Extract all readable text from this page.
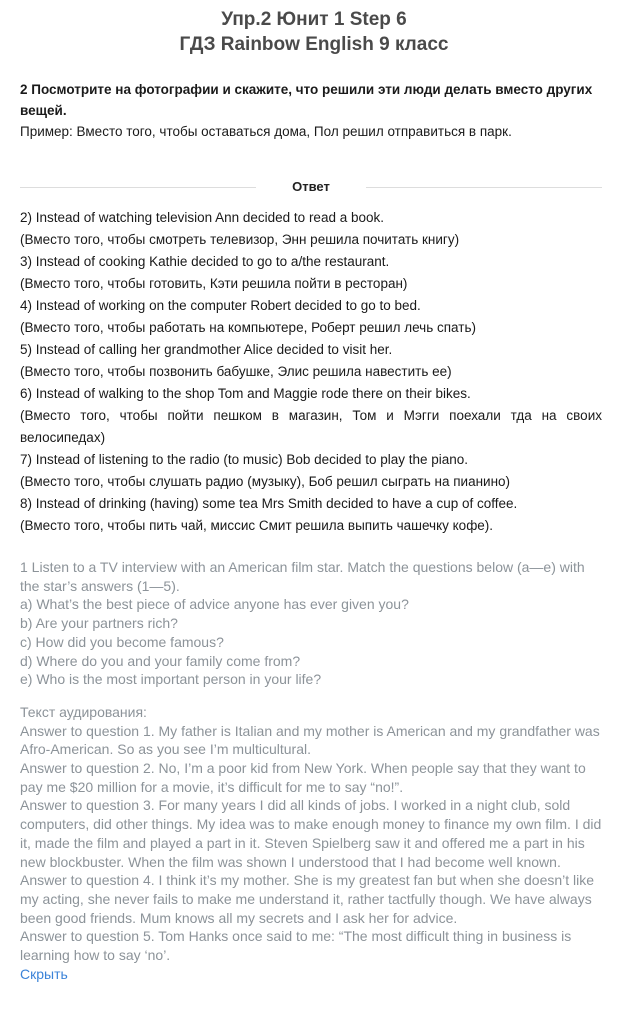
Упр.2 Юнит 1 Step 6
ГДЗ Rainbow English 9 класс
2 Посмотрите на фотографии и скажите, что решили эти люди делать вместо других вещей.
Пример: Вместо того, чтобы оставаться дома, Пол решил отправиться в парк.
Ответ

2) Instead of watching television Ann decided to read a book.

(Вместо того, чтобы смотреть телевизор, Энн решила почитать книгу)

3) Instead of cooking Kathie decided to go to a/the restaurant.

(Вместо того, чтобы готовить, Кэти решила пойти в ресторан)

4) Instead of working on the computer Robert decided to go to bed.

(Вместо того, чтобы работать на компьютере, Роберт решил лечь спать)

5) Instead of calling her grandmother Alice decided to visit her.

(Вместо того, чтобы позвонить бабушке, Элис решила навестить ее)

6) Instead of walking to the shop Tom and Maggie rode there on their bikes.

(Вместо того, чтобы пойти пешком в магазин, Том и Мэгги поехали тда на своих велосипедах)

7) Instead of listening to the radio (to music) Bob decided to play the piano.

(Вместо того, чтобы слушать радио (музыку), Боб решил сыграть на пианино)

8) Instead of drinking (having) some tea Mrs Smith decided to have a cup of coffee.

(Вместо того, чтобы пить чай, миссис Смит решила выпить чашечку кофе).

1 Listen to a TV interview with an American film star. Match the questions below (a—e) with the star’s answers (1—5).

a) What’s the best piece of advice anyone has ever given you?

b) Are your partners rich?

c) How did you become famous?

d) Where do you and your family come from?

e) Who is the most important person in your life?

Текст аудирования:

Answer to question 1. My father is Italian and my mother is American and my grandfather was Afro-American. So as you see I’m multicultural.

Answer to question 2. No, I’m a poor kid from New York. When people say that they want to pay me $20 million for a movie, it’s difficult for me to say “no!”.

Answer to question 3. For many years I did all kinds of jobs. I worked in a night club, sold computers, did other things. My idea was to make enough money to finance my own film. I did it, made the film and played a part in it. Steven Spielberg saw it and offered me a part in his new blockbuster. When the film was shown I understood that I had become well known.

Answer to question 4. I think it’s my mother. She is my greatest fan but when she doesn’t like my acting, she never fails to make me understand it, rather tactfully though. We have always been good friends. Mum knows all my secrets and I ask her for advice.

Answer to question 5. Tom Hanks once said to me: “The most difficult thing in business is learning how to say ‘no’.

Скрыть
